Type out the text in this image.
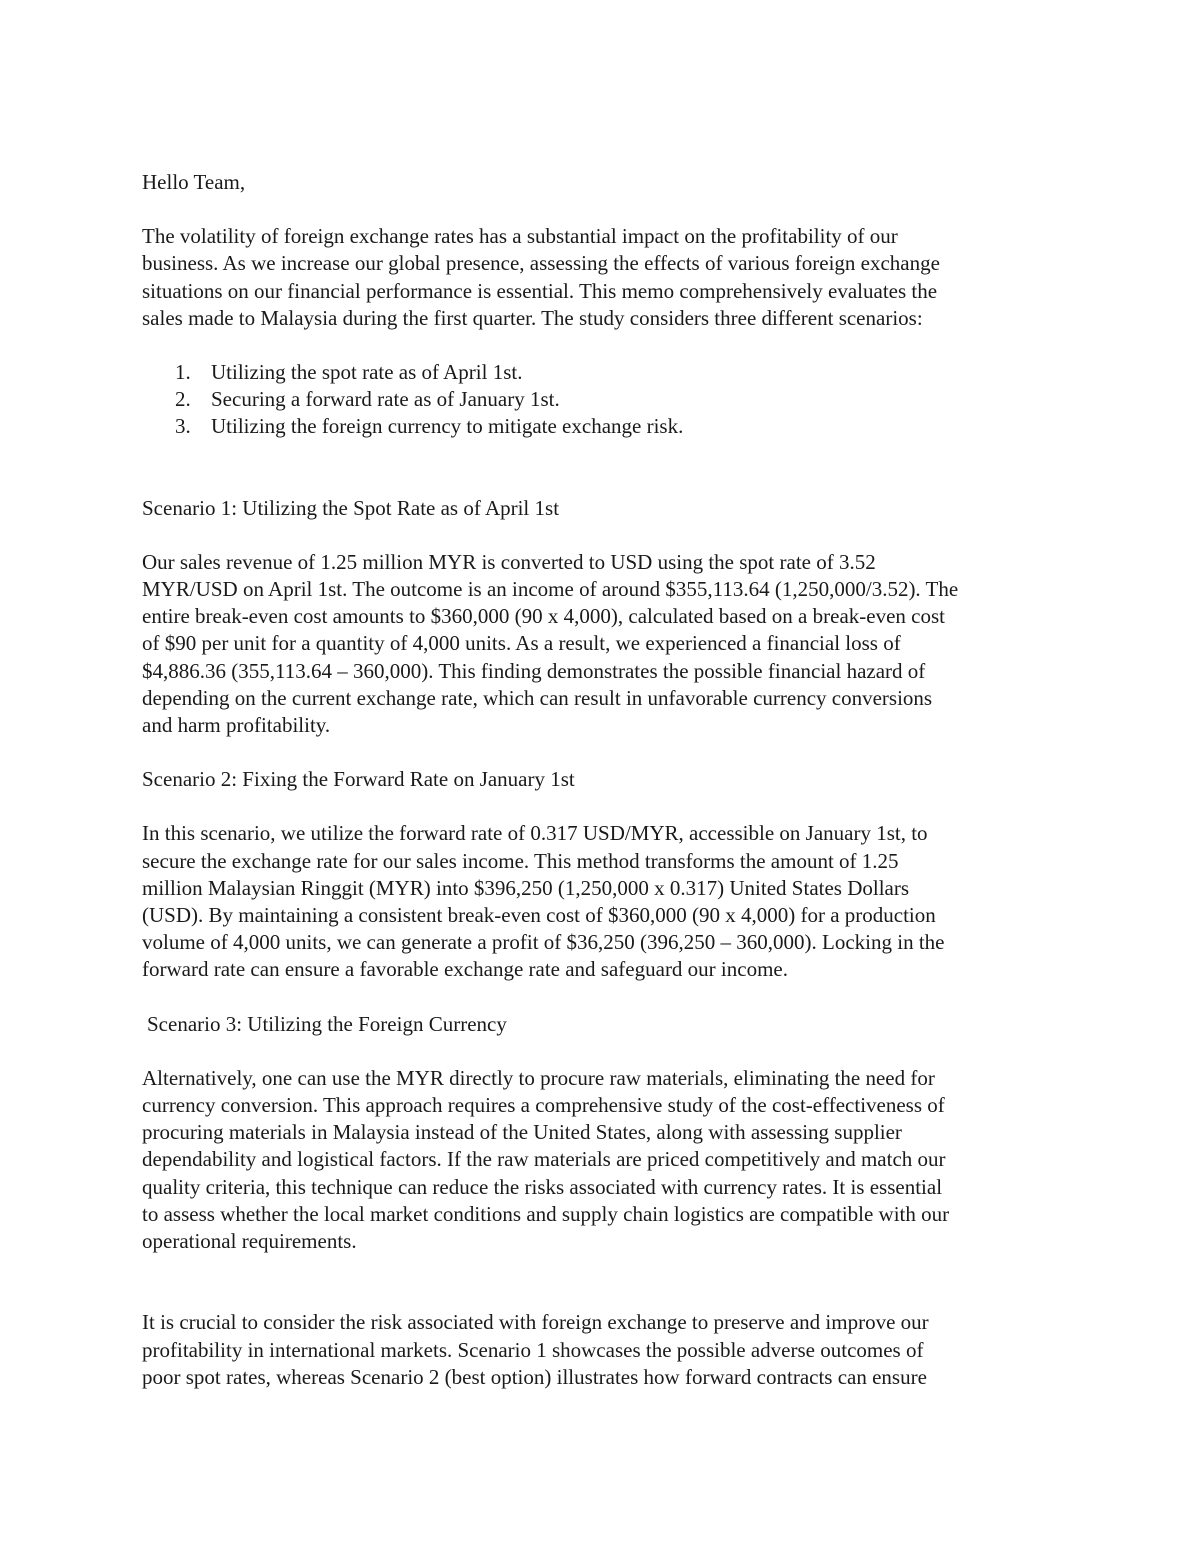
Hello Team,

The volatility of foreign exchange rates has a substantial impact on the profitability of our
business. As we increase our global presence, assessing the effects of various foreign exchange
situations on our financial performance is essential. This memo comprehensively evaluates the
sales made to Malaysia during the first quarter. The study considers three different scenarios:

1. Utilizing the spot rate as of April 1st.
2. Securing a forward rate as of January 1st.
3. Utilizing the foreign currency to mitigate exchange risk.

Scenario 1: Utilizing the Spot Rate as of April 1st

Our sales revenue of 1.25 million MYR is converted to USD using the spot rate of 3.52
MYR/USD on April 1st. The outcome is an income of around $355,113.64 (1,250,000/3.52). The
entire break-even cost amounts to $360,000 (90 x 4,000), calculated based on a break-even cost
of $90 per unit for a quantity of 4,000 units. As a result, we experienced a financial loss of
$4,886.36 (355,113.64 – 360,000). This finding demonstrates the possible financial hazard of
depending on the current exchange rate, which can result in unfavorable currency conversions
and harm profitability.

Scenario 2: Fixing the Forward Rate on January 1st

In this scenario, we utilize the forward rate of 0.317 USD/MYR, accessible on January 1st, to
secure the exchange rate for our sales income. This method transforms the amount of 1.25
million Malaysian Ringgit (MYR) into $396,250 (1,250,000 x 0.317) United States Dollars
(USD). By maintaining a consistent break-even cost of $360,000 (90 x 4,000) for a production
volume of 4,000 units, we can generate a profit of $36,250 (396,250 – 360,000). Locking in the
forward rate can ensure a favorable exchange rate and safeguard our income.

Scenario 3: Utilizing the Foreign Currency

Alternatively, one can use the MYR directly to procure raw materials, eliminating the need for
currency conversion. This approach requires a comprehensive study of the cost-effectiveness of
procuring materials in Malaysia instead of the United States, along with assessing supplier
dependability and logistical factors. If the raw materials are priced competitively and match our
quality criteria, this technique can reduce the risks associated with currency rates. It is essential
to assess whether the local market conditions and supply chain logistics are compatible with our
operational requirements.

It is crucial to consider the risk associated with foreign exchange to preserve and improve our
profitability in international markets. Scenario 1 showcases the possible adverse outcomes of
poor spot rates, whereas Scenario 2 (best option) illustrates how forward contracts can ensure
